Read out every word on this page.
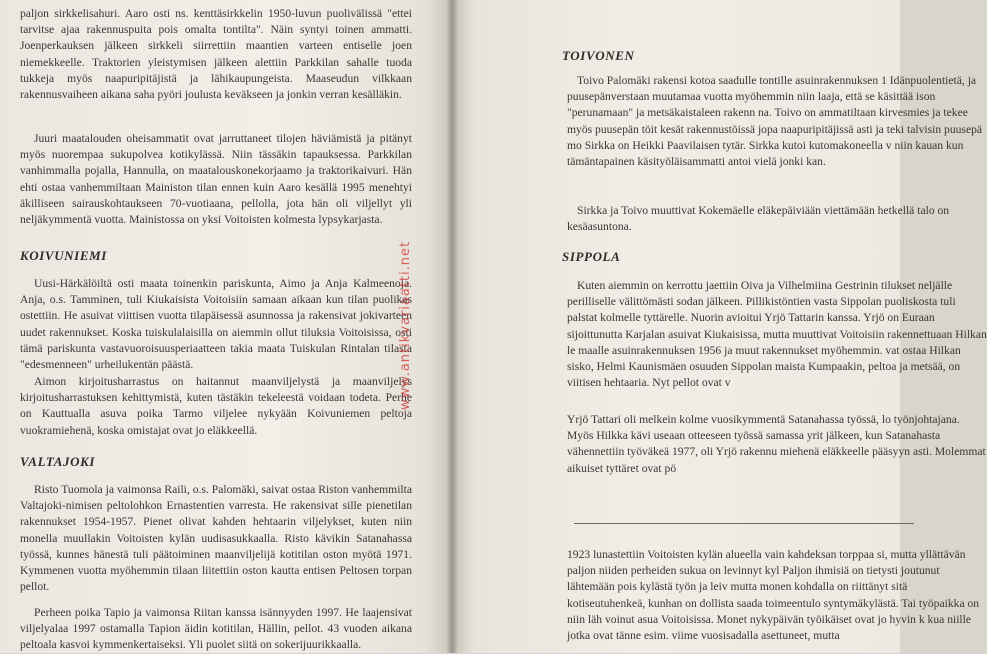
paljon sirkkelisahuri. Aaro osti ns. kenttäsirkkelin 1950-luvun puolivälissä "ettei tarvitse ajaa rakennuspuita pois omalta tontilta". Näin syntyi toinen ammatti. Joenperkauksen jälkeen sirkkeli siirrettiin maantien varteen entiselle joen niemekkeelle. Traktorien yleistymisen jälkeen alettiin Parkkilan sahalle tuoda tukkeja myös naapuripitäjistä ja lähikaupungeista. Maaseudun vilkkaan rakennusvaiheen aikana saha pyöri joulusta keväkseen ja jonkin verran kesälläkin.

Juuri maatalouden oheisammatit ovat jarruttaneet tilojen häviämistä ja pitänyt myös nuorempaa sukupolvea kotikylässä. Niin tässäkin tapauksessa. Parkkilan vanhimmalla pojalla, Hannulla, on maatalouskonekorjaamo ja traktorikaivuri. Hän ehti ostaa vanhemmiltaan Mainiston tilan ennen kuin Aaro kesällä 1995 menehtyi äkilliseen sairauskohtaukseen 70-vuotiaana, pellolla, jota hän oli viljellyt yli neljäkymmentä vuotta. Mainistossa on yksi Voitoisten kolmesta lypsykarjasta.

KOIVUNIEMI

Uusi-Härkälöiltä osti maata toinenkin pariskunta, Aimo ja Anja Kalmeenoja. Anja, o.s. Tamminen, tuli Kiukaisista Voitoisiin samaan aikaan kun tilan puolikas ostettiin. He asuivat viittisen vuotta tilapäisessä asunnossa ja rakensivat jokivarteen uudet rakennukset. Koska tuiskulalaisilla on aiemmin ollut tiluksia Voitoisissa, osti tämä pariskunta vastavuoroisuusperiaatteen takia maata Tuiskulan Rintalan tilasta "edesmenneen" urheilukentän päästä.

Aimon kirjoitusharrastus on haitannut maanviljelystä ja maanviljelys kirjoitusharrastuksen kehittymistä, kuten tästäkin tekeleestä voidaan todeta. Perhe on Kauttualla asuva poika Tarmo viljelee nykyään Koivuniemen peltoja vuokramiehenä, koska omistajat ovat jo eläkkeellä.

VALTAJOKI

Risto Tuomola ja vaimonsa Raili, o.s. Palomäki, saivat ostaa Riston vanhemmilta Valtajoki-nimisen peltolohkon Ernastentien varresta. He rakensivat sille pienetilan rakennukset 1954-1957. Pienet olivat kahden hehtaarin viljelykset, kuten niin monella muullakin Voitoisten kylän uudisasukkaalla. Risto kävikin Satanahassa työssä, kunnes hänestä tuli päätoiminen maanviljelijä kotitilan oston myötä 1971. Kymmenen vuotta myöhemmin tilaan liitettiin oston kautta entisen Peltosen torpan pellot.

Perheen poika Tapio ja vaimonsa Riitan kanssa isännyyden 1997. He laajensivat viljelyalaa 1997 ostamalla Tapion äidin kotitilan, Hällin, pellot. 43 vuoden aikana peltoala kasvoi kymmenkertaiseksi. Yli puolet siitä on sokerijuurikkaalla.

TOIVONEN

Toivo Palomäki rakensi kotoa saadulle tontille asuinrakennuksen 1 Idänpuolentietä, ja puusepänverstaan muutamaa vuotta myöhemmin niin laaja, että se käsittää ison "perunamaan" ja metsäkaistaleen rakenn na. Toivo on ammatiltaan kirvesmies ja tekee myös puusepän töit kesät rakennustöissä jopa naapuripitäjissä asti ja teki talvisin puusepä mo Sirkka on Heikki Paavilaisen tytär. Sirkka kutoi kutomakoneella v niin kauan kun tämäntapainen käsityöläisammatti antoi vielä jonki kan.

Sirkka ja Toivo muuttivat Kokemäelle eläkepäiviään viettämään hetkellä talo on kesäasuntona.

SIPPOLA

Kuten aiemmin on kerrottu jaettiin Oiva ja Vilhelmiina Gestrinin tilukset neljälle perilliselle välittömästi sodan jälkeen. Pillikistöntien vasta Sippolan puoliskosta tuli palstat kolmelle tyttärelle. Nuorin avioitui Yrjö Tattarin kanssa. Yrjö on Euraan sijoittunutta Karjalan asuivat Kiukaisissa, mutta muuttivat Voitoisiin rakennettuaan Hilkan le maalle asuinrakennuksen 1956 ja muut rakennukset myöhemmin. vat ostaa Hilkan sisko, Helmi Kaunismäen osuuden Sippolan maista Kumpaakin, peltoa ja metsää, on viitisen hehtaaria. Nyt pellot ovat v

Yrjö Tattari oli melkein kolme vuosikymmentä Satanahassa työssä, lo työnjohtajana. Myös Hilkka kävi useaan otteeseen työssä samassa yrit jälkeen, kun Satanahasta vähennettiin työväkeä 1977, oli Yrjö rakennu miehenä eläkkeelle pääsyyn asti. Molemmat aikuiset tyttäret ovat pö

1923 lunastettiin Voitoisten kylän alueella vain kahdeksan torppaa si, mutta yllättävän paljon niiden perheiden sukua on levinnyt kyl Paljon ihmisiä on tietysti joutunut lähtemään pois kylästä työn ja leiv mutta monen kohdalla on riittänyt sitä kotiseutuhenkeä, kunhan on dollista saada toimeentulo syntymäkylästä. Tai työpaikka on niin läh voinut asua Voitoisissa. Monet nykypäivän työikäiset ovat jo hyvin k kua niille jotka ovat tänne esim. viime vuosisadalla asettuneet, mutta

www.antikvariaatti.net
